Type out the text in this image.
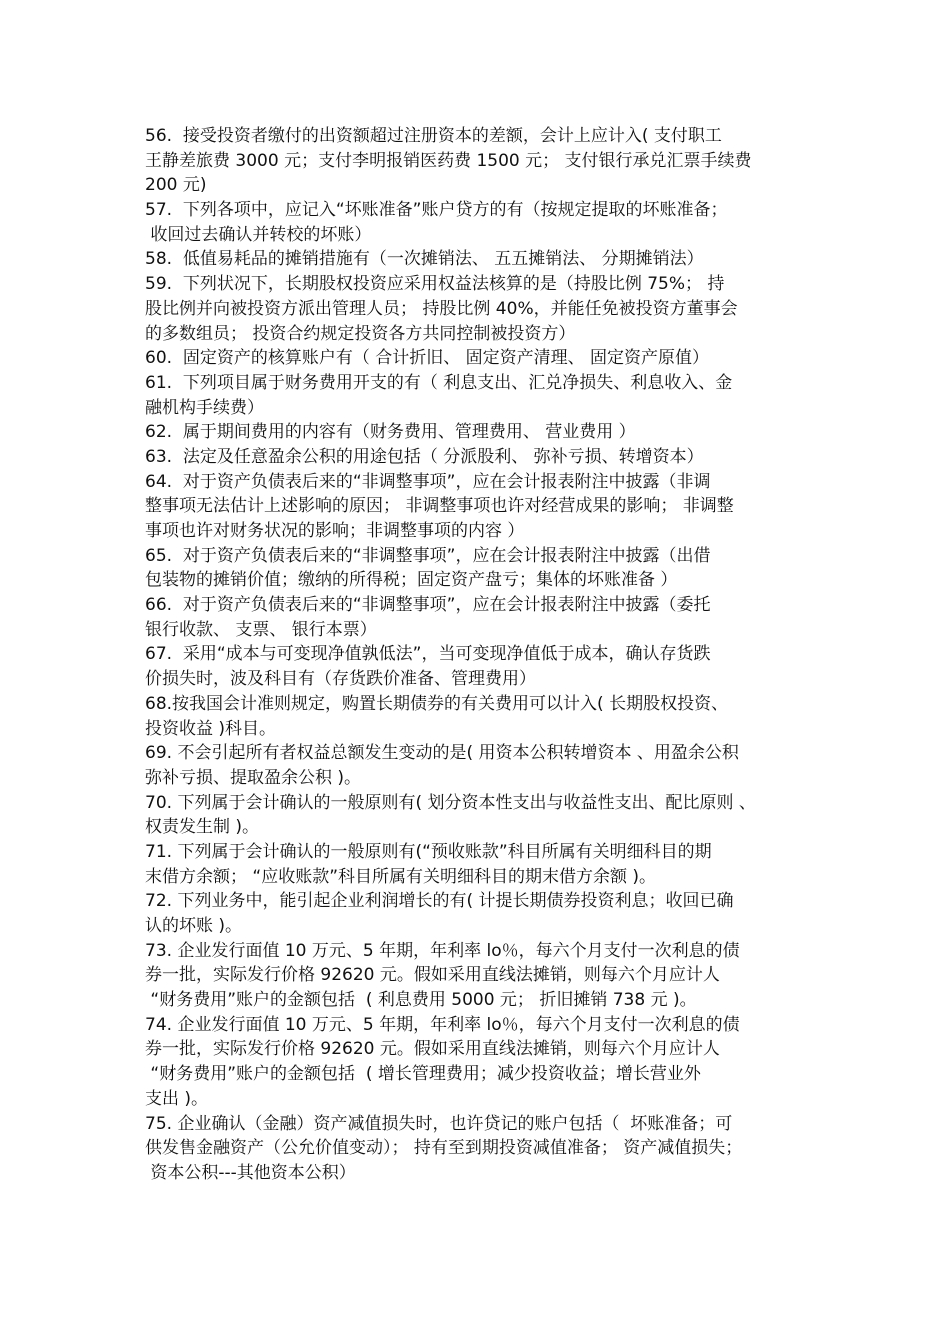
56.  接受投资者缴付的出资额超过注册资本的差额，会计上应计入( 支付职工
王静差旅费 3000 元；支付李明报销医药费 1500 元； 支付银行承兑汇票手续费
200 元)
57.  下列各项中，应记入“坏账准备”账户贷方的有（按规定提取的坏账准备；
收回过去确认并转校的坏账）
58.  低值易耗品的摊销措施有（一次摊销法、 五五摊销法、 分期摊销法）
59.  下列状况下，长期股权投资应采用权益法核算的是（持股比例 75%； 持
股比例并向被投资方派出管理人员； 持股比例 40%，并能任免被投资方董事会
的多数组员； 投资合约规定投资各方共同控制被投资方）
60.  固定资产的核算账户有（ 合计折旧、 固定资产清理、 固定资产原值）
61.  下列项目属于财务费用开支的有（ 利息支出、汇兑净损失、利息收入、金
融机构手续费）
62.  属于期间费用的内容有（财务费用、管理费用、 营业费用 ）
63.  法定及任意盈余公积的用途包括（ 分派股利、 弥补亏损、转增资本）
64.  对于资产负债表后来的“非调整事项”，应在会计报表附注中披露（非调
整事项无法估计上述影响的原因； 非调整事项也许对经营成果的影响； 非调整
事项也许对财务状况的影响；非调整事项的内容 ）
65.  对于资产负债表后来的“非调整事项”，应在会计报表附注中披露（出借
包装物的摊销价值；缴纳的所得税；固定资产盘亏；集体的坏账准备 ）
66.  对于资产负债表后来的“非调整事项”，应在会计报表附注中披露（委托
银行收款、 支票、 银行本票）
67.  采用“成本与可变现净值孰低法”，当可变现净值低于成本，确认存货跌
价损失时，波及科目有（存货跌价准备、管理费用）
68.按我国会计准则规定，购置长期债券的有关费用可以计入( 长期股权投资、
投资收益 )科目。
69. 不会引起所有者权益总额发生变动的是( 用资本公积转增资本 、用盈余公积
弥补亏损、提取盈余公积 )。
70. 下列属于会计确认的一般原则有( 划分资本性支出与收益性支出、配比原则 、
权责发生制 )。
71. 下列属于会计确认的一般原则有(“预收账款”科目所属有关明细科目的期
末借方余额； “应收账款”科目所属有关明细科目的期末借方余额 )。
72. 下列业务中，能引起企业利润增长的有( 计提长期债券投资利息；收回已确
认的坏账 )。
73. 企业发行面值 10 万元、5 年期，年利率 lo％，每六个月支付一次利息的债
券一批，实际发行价格 92620 元。假如采用直线法摊销，则每六个月应计人
“财务费用”账户的金额包括  ( 利息费用 5000 元； 折旧摊销 738 元 )。
74. 企业发行面值 10 万元、5 年期，年利率 lo％，每六个月支付一次利息的债
券一批，实际发行价格 92620 元。假如采用直线法摊销，则每六个月应计人
“财务费用”账户的金额包括  ( 增长管理费用；减少投资收益；增长营业外
支出 )。
75. 企业确认（金融）资产减值损失时，也许贷记的账户包括（  坏账准备；可
供发售金融资产（公允价值变动）； 持有至到期投资减值准备； 资产减值损失；
资本公积---其他资本公积）
